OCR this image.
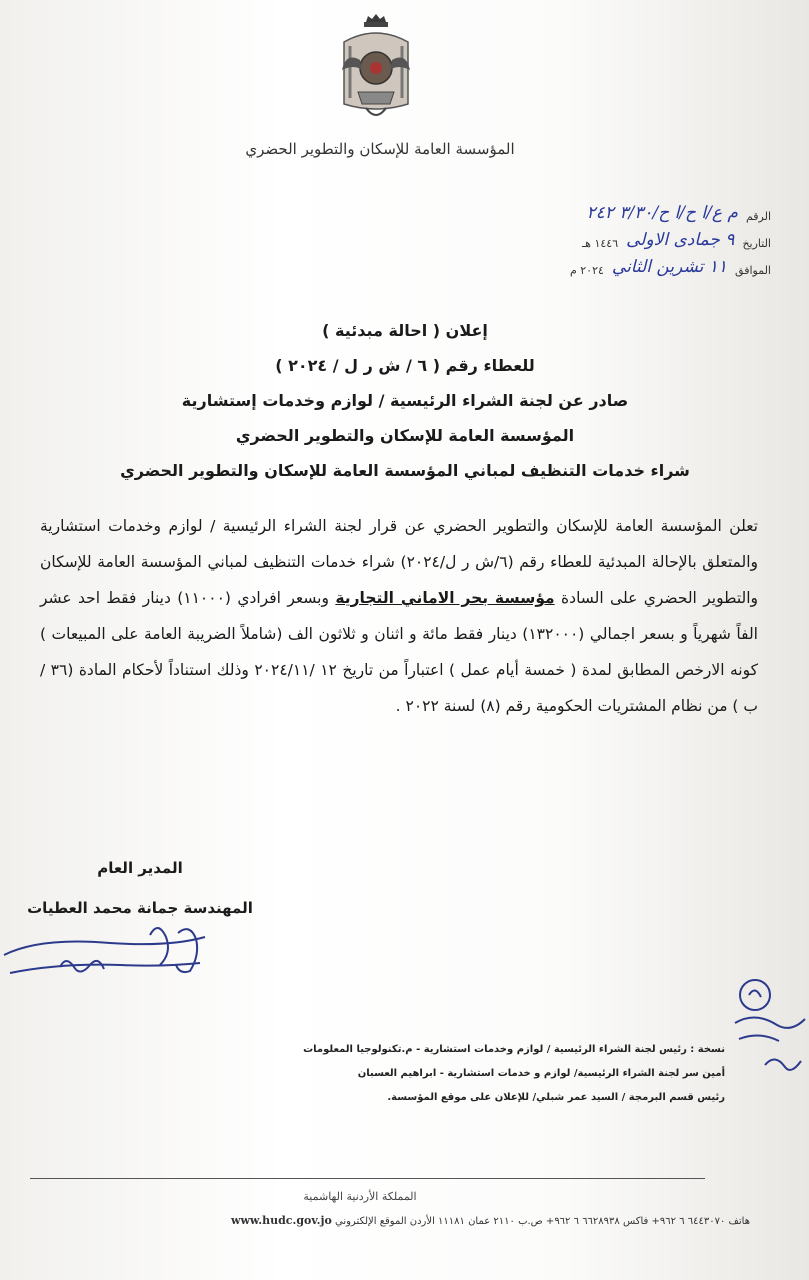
المؤسسة العامة للإسكان والتطوير الحضري
الرقم
م ع/ا ح/ا ح/٣/٣٠ ٢٤٢
التاريخ
٩ جمادى الاولى
١٤٤٦ هـ
الموافق
١١ تشرين الثاني
٢٠٢٤ م
إعلان ( احالة مبدئية )
للعطاء رقم ( ٦ / ش ر ل / ٢٠٢٤ )
صادر عن لجنة الشراء الرئيسية / لوازم وخدمات إستشارية
المؤسسة العامة للإسكان والتطوير الحضري
شراء خدمات التنظيف لمباني المؤسسة العامة للإسكان والتطوير الحضري
تعلن المؤسسة العامة للإسكان والتطوير الحضري عن قرار لجنة الشراء الرئيسية / لوازم وخدمات استشارية والمتعلق بالإحالة المبدئية للعطاء رقم (٦/ش ر ل/٢٠٢٤) شراء خدمات التنظيف لمباني المؤسسة العامة للإسكان والتطوير الحضري على السادة مؤسسة بحر الاماني التجارية وبسعر افرادي (١١٠٠٠) دينار فقط احد عشر الفاً شهرياً و بسعر اجمالي (١٣٢٠٠٠) دينار فقط مائة و اثنان و ثلاثون الف (شاملاً الضريبة العامة على المبيعات ) كونه الارخص المطابق لمدة ( خمسة أيام عمل ) اعتباراً من تاريخ ١٢ /٢٠٢٤/١١ وذلك استناداً لأحكام المادة (٣٦ / ب ) من نظام المشتريات الحكومية رقم (٨) لسنة ٢٠٢٢ .
المدير العام
المهندسة جمانة محمد العطيات
نسخة : رئيس لجنة الشراء الرئيسية / لوازم وخدمات استشارية - م.تكنولوجيا المعلومات
أمين سر لجنة الشراء الرئيسية/ لوازم و خدمات استشارية - ابراهيم العسبان
رئيس قسم البرمجة / السيد عمر شبلي/ للإعلان على موقع المؤسسة.
المملكة الأردنية الهاشمية
هاتف ٦٤٤٣٠٧٠ ٦ ٩٦٢+ فاكس ٦٦٢٨٩٣٨ ٦ ٩٦٢+ ص.ب ٢١١٠ عمان ١١١٨١ الأردن الموقع الإلكتروني www.hudc.gov.jo
